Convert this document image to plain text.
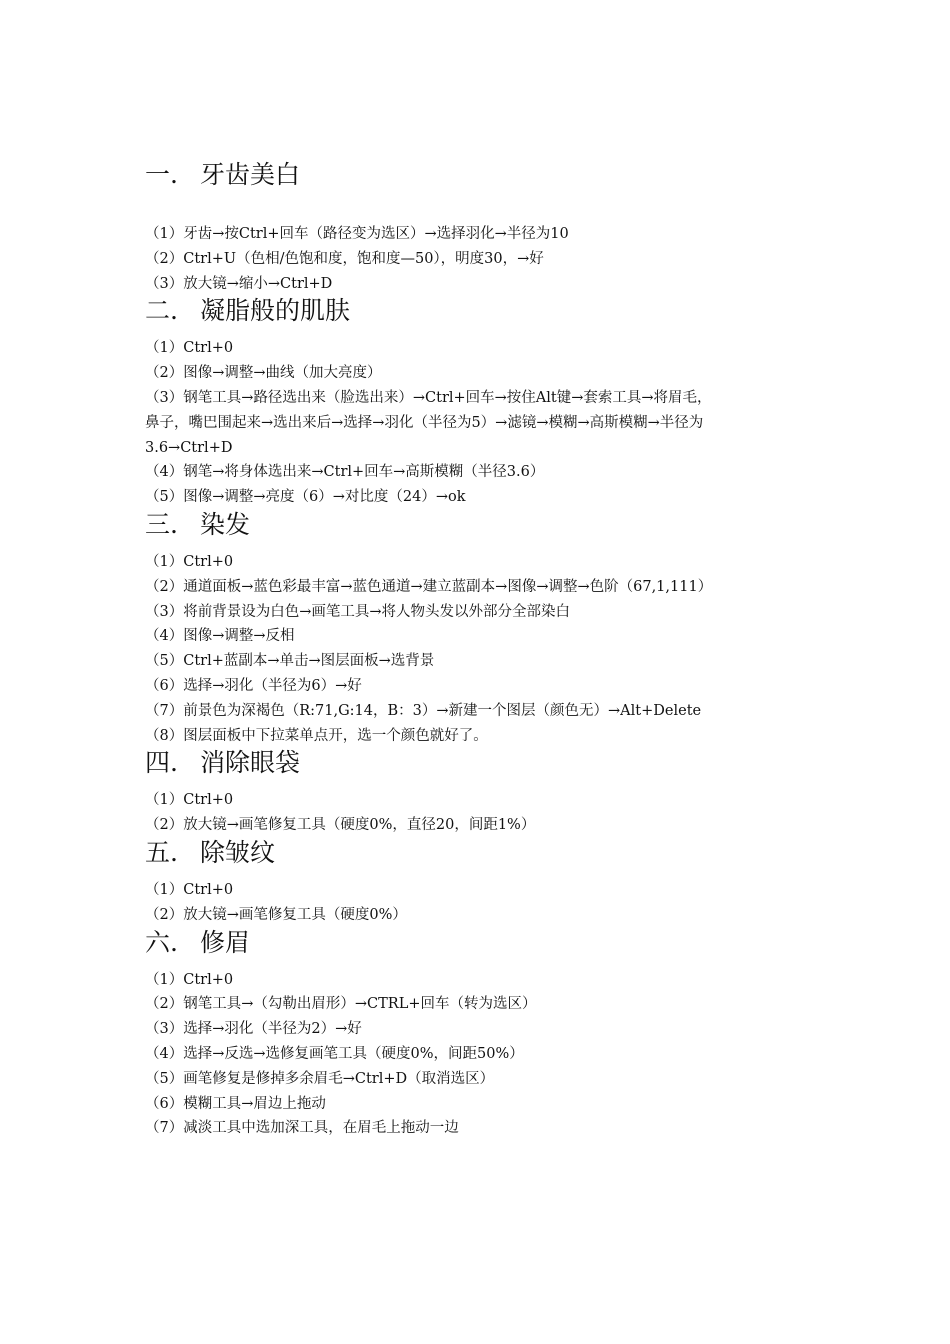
一. 牙齿美白
（1）牙齿→按Ctrl+回车（路径变为选区）→选择羽化→半径为10
（2）Ctrl+U（色相/色饱和度，饱和度—50），明度30，→好
（3）放大镜→缩小→Ctrl+D
二. 凝脂般的肌肤
（1）Ctrl+0
（2）图像→调整→曲线（加大亮度）
（3）钢笔工具→路径选出来（脸选出来）→Ctrl+回车→按住Alt键→套索工具→将眉毛，
鼻子，嘴巴围起来→选出来后→选择→羽化（半径为5）→滤镜→模糊→高斯模糊→半径为
3.6→Ctrl+D
（4）钢笔→将身体选出来→Ctrl+回车→高斯模糊（半径3.6）
（5）图像→调整→亮度（6）→对比度（24）→ok
三. 染发
（1）Ctrl+0
（2）通道面板→蓝色彩最丰富→蓝色通道→建立蓝副本→图像→调整→色阶（67,1,111）
（3）将前背景设为白色→画笔工具→将人物头发以外部分全部染白
（4）图像→调整→反相
（5）Ctrl+蓝副本→单击→图层面板→选背景
（6）选择→羽化（半径为6）→好
（7）前景色为深褐色（R:71,G:14，B：3）→新建一个图层（颜色无）→Alt+Delete
（8）图层面板中下拉菜单点开，选一个颜色就好了。
四. 消除眼袋
（1）Ctrl+0
（2）放大镜→画笔修复工具（硬度0%，直径20，间距1%）
五. 除皱纹
（1）Ctrl+0
（2）放大镜→画笔修复工具（硬度0%）
六. 修眉
（1）Ctrl+0
（2）钢笔工具→（勾勒出眉形）→CTRL+回车（转为选区）
（3）选择→羽化（半径为2）→好
（4）选择→反选→选修复画笔工具（硬度0%，间距50%）
（5）画笔修复是修掉多余眉毛→Ctrl+D（取消选区）
（6）模糊工具→眉边上拖动
（7）减淡工具中选加深工具，在眉毛上拖动一边
